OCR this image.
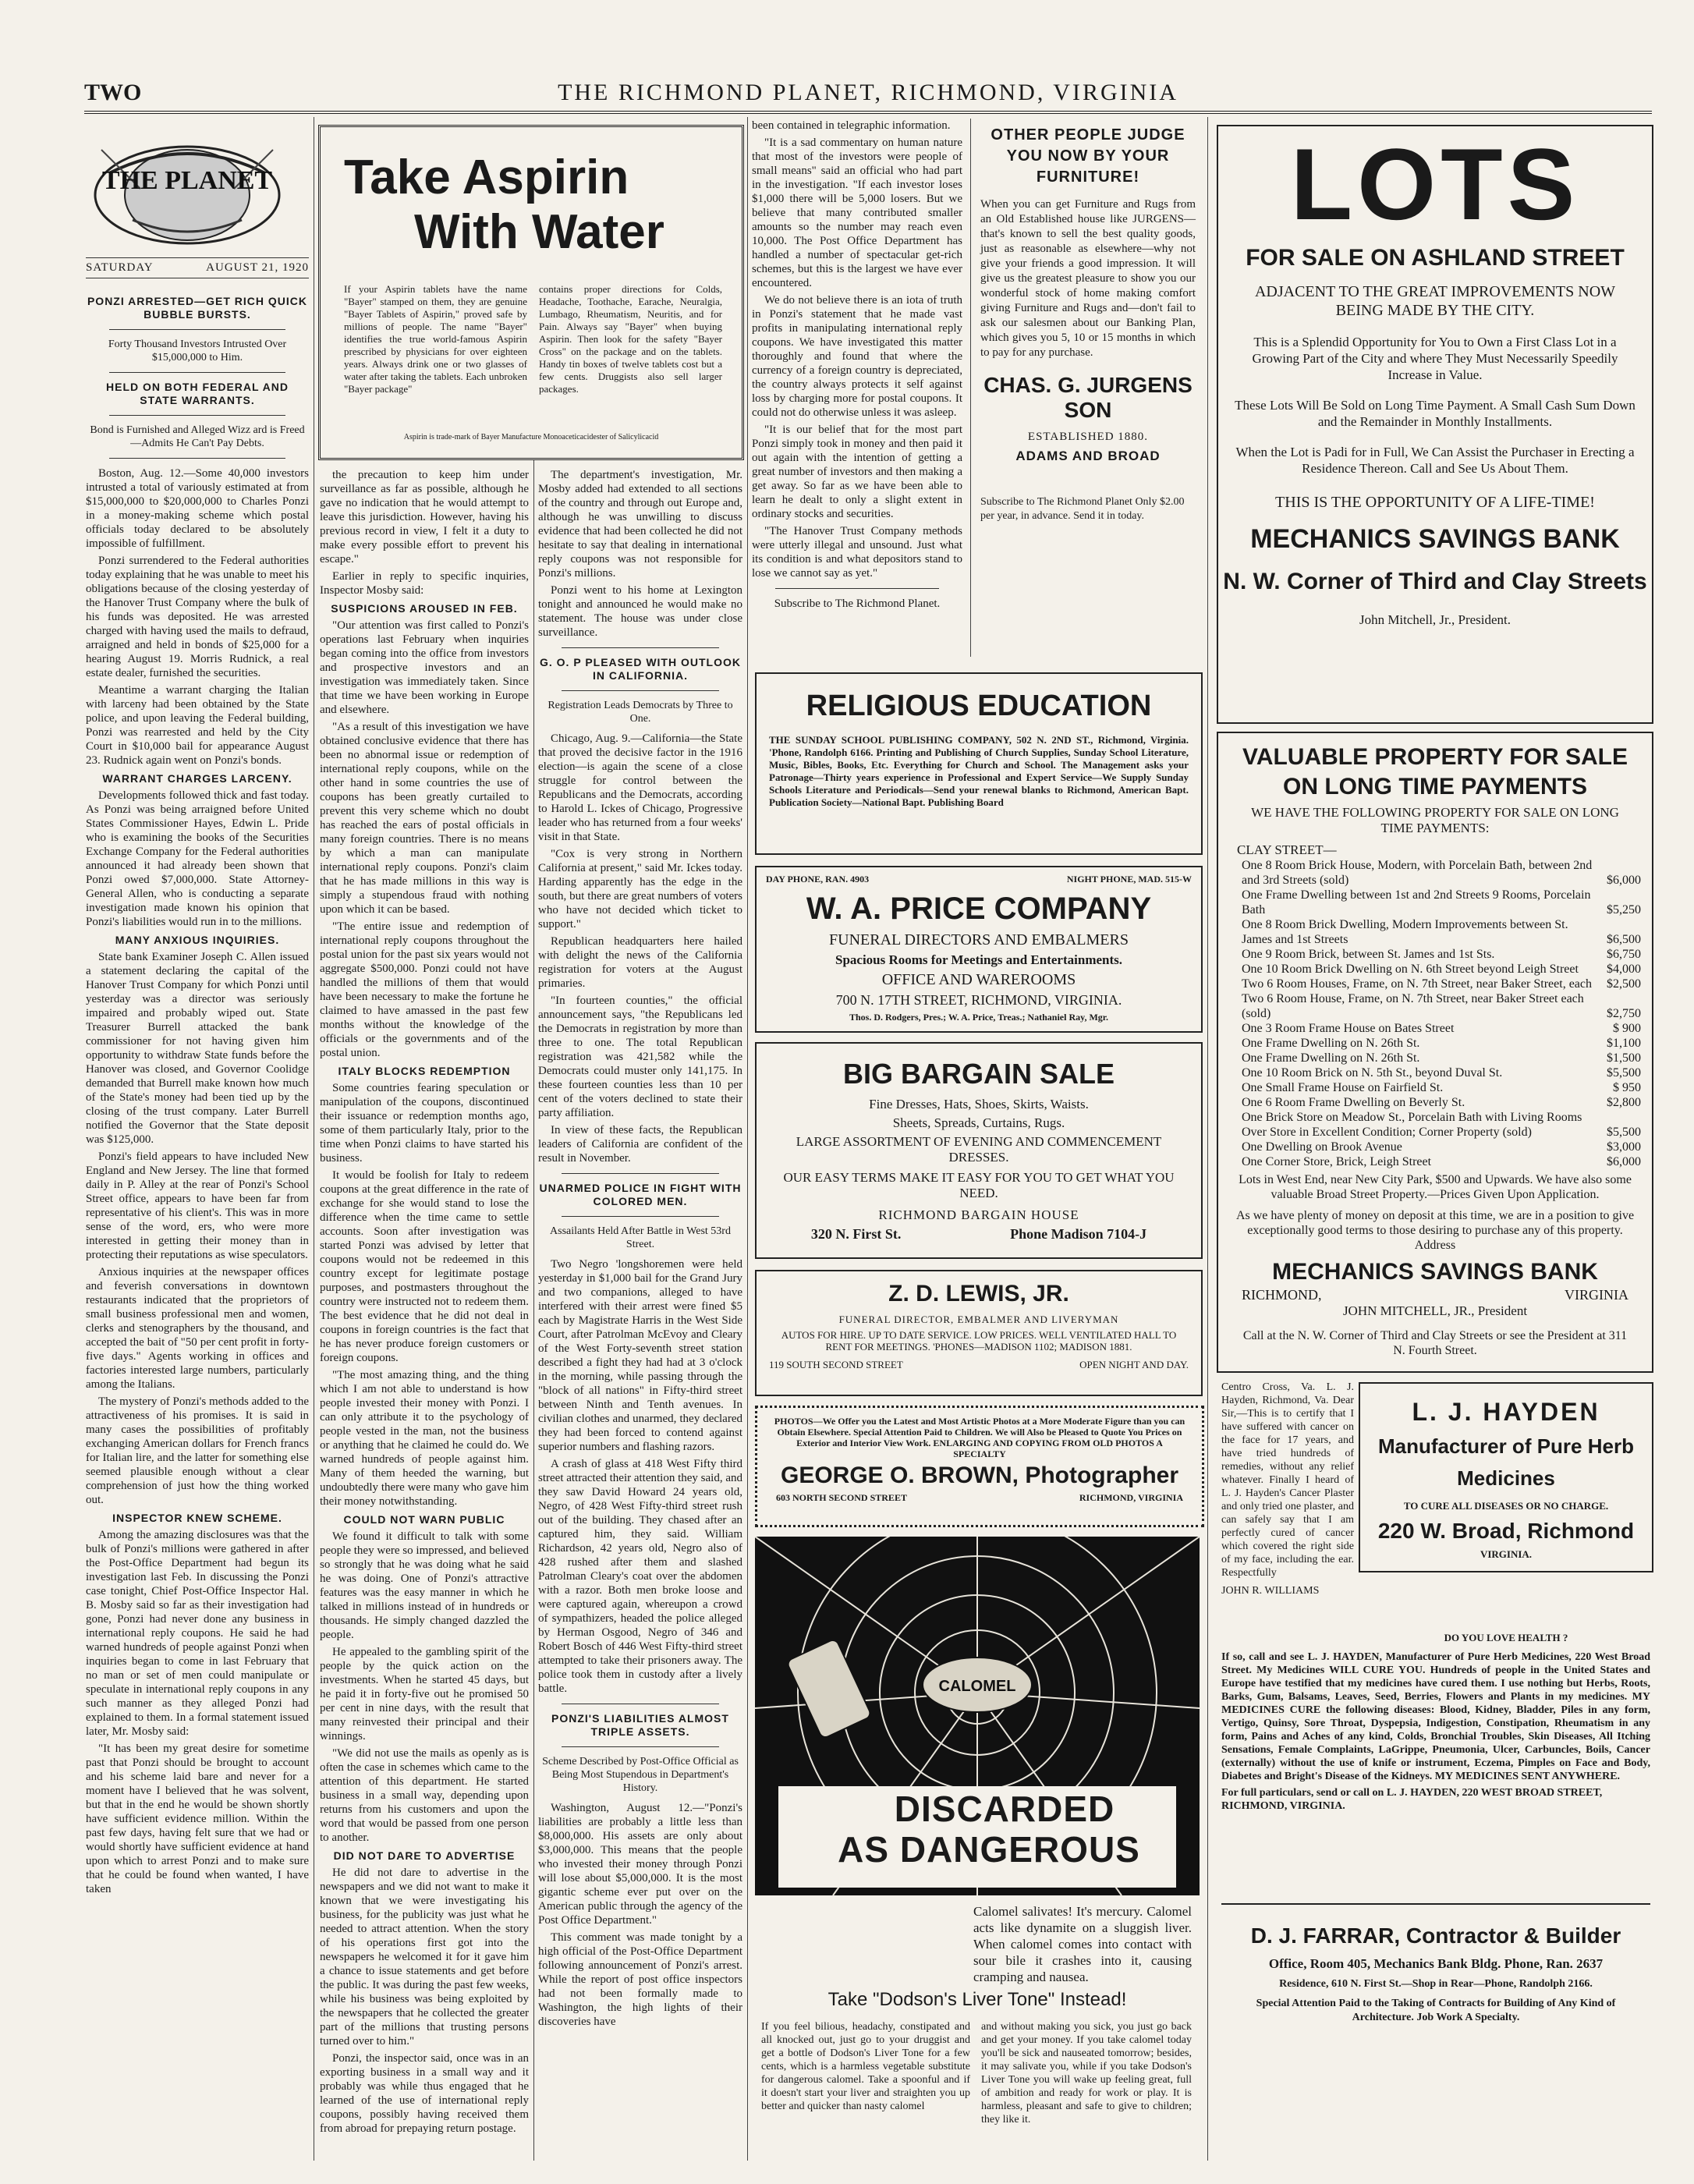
TWO	THE RICHMOND PLANET, RICHMOND, VIRGINIA
THE PLANET
SATURDAY	AUGUST 21, 1920
PONZI ARRESTED—GET RICH QUICK BUBBLE BURSTS.
Forty Thousand Investors Intrusted Over $15,000,000 to Him.
HELD ON BOTH FEDERAL AND STATE WARRANTS.
Bond is Furnished and Alleged Wizz ard is Freed—Admits He Can't Pay Debts.

Boston, Aug. 12.—Some 40,000 investors intrusted a total of variously estimated at from $15,000,000 to $20,000,000 to Charles Ponzi in a money-making scheme which postal officials today declared to be absolutely impossible of fulfillment.

Ponzi surrendered to the Federal authorities today explaining that he was unable to meet his obligations because of the closing yesterday of the Hanover Trust Company where the bulk of his funds was deposited. He was arrested charged with having used the mails to defraud, arraigned and held in bonds of $25,000 for a hearing August 19. Morris Rudnick, a real estate dealer, furnished the securities.

Meantime a warrant charging the Italian with larceny had been obtained by the State police, and upon leaving the Federal building, Ponzi was rearrested and held by the City Court in $10,000 bail for appearance August 23. Rudnick again went on Ponzi's bonds.

WARRANT CHARGES LARCENY.

Developments followed thick and fast today. As Ponzi was being arraigned before United States Commissioner Hayes, Edwin L. Pride who is examining the books of the Securities Exchange Company for the Federal authorities announced it had already been shown that Ponzi owed $7,000,000. State Attorney-General Allen, who is conducting a separate investigation made known his opinion that Ponzi's liabilities would run in to the millions.

MANY ANXIOUS INQUIRIES.

State bank Examiner Joseph C. Allen issued a statement declaring the capital of the Hanover Trust Company for which Ponzi until yesterday was a director was seriously impaired and probably wiped out. State Treasurer Burrell attacked the bank commissioner for not having given him opportunity to withdraw State funds before the Hanover was closed, and Governor Coolidge demanded that Burrell make known how much of the State's money had been tied up by the closing of the trust company. Later Burrell notified the Governor that the State deposit was $125,000.

Ponzi's field appears to have included New England and New Jersey. The line that formed daily in P. Alley at the rear of Ponzi's School Street office, appears to have been far from representative of his client's. This was in more sense of the word, ers, who were more interested in getting their money than in protecting their reputations as wise speculators.

Anxious inquiries at the newspaper offices and feverish conversations in downtown restaurants indicated that the proprietors of small business professional men and women, clerks and stenographers by the thousand, and accepted the bait of "50 per cent profit in forty-five days." Agents working in offices and factories interested large numbers, particularly among the Italians.

The mystery of Ponzi's methods added to the attractiveness of his promises. It is said in many cases the possibilities of profitably exchanging American dollars for French francs for Italian lire, and the latter for something else seemed plausible enough without a clear comprehension of just how the thing worked out.

INSPECTOR KNEW SCHEME.

Among the amazing disclosures was that the bulk of Ponzi's millions were gathered in after the Post-Office Department had begun its investigation last Feb. In discussing the Ponzi case tonight, Chief Post-Office Inspector Hal. B. Mosby said so far as their investigation had gone, Ponzi had never done any business in international reply coupons. He said he had warned hundreds of people against Ponzi when inquiries began to come in last February that no man or set of men could manipulate or speculate in international reply coupons in any such manner as they alleged Ponzi had explained to them. In a formal statement issued later, Mr. Mosby said:

"It has been my great desire for sometime past that Ponzi should be brought to account and his scheme laid bare and never for a moment have I believed that he was solvent, but that in the end he would be shown shortly have sufficient evidence million. Within the past few days, having felt sure that we had or would shortly have sufficient evidence at hand upon which to arrest Ponzi and to make sure that he could be found when wanted, I have taken

Take Aspirin
With Water
If your Aspirin tablets have the name "Bayer" stamped on them, they are genuine "Bayer Tablets of Aspirin," proved safe by millions of people. The name "Bayer" identifies the true world-famous Aspirin prescribed by physicians for over eighteen years. Always drink one or two glasses of water after taking the tablets. Each unbroken "Bayer package"
contains proper directions for Colds, Headache, Toothache, Earache, Neuralgia, Lumbago, Rheumatism, Neuritis, and for Pain. Always say "Bayer" when buying Aspirin. Then look for the safety "Bayer Cross" on the package and on the tablets. Handy tin boxes of twelve tablets cost but a few cents. Druggists also sell larger packages.
Aspirin is trade-mark of Bayer Manufacture Monoaceticacidester of Salicylicacid

the precaution to keep him under surveillance as far as possible, although he gave no indication that he would attempt to leave this jurisdiction. However, having his previous record in view, I felt it a duty to make every possible effort to prevent his escape."

Earlier in reply to specific inquiries, Inspector Mosby said:

SUSPICIONS AROUSED IN FEB.

"Our attention was first called to Ponzi's operations last February when inquiries began coming into the office from investors and prospective investors and an investigation was immediately taken. Since that time we have been working in Europe and elsewhere.

"As a result of this investigation we have obtained conclusive evidence that there has been no abnormal issue or redemption of international reply coupons, while on the other hand in some countries the use of coupons has been greatly curtailed to prevent this very scheme which no doubt has reached the ears of postal officials in many foreign countries. There is no means by which a man can manipulate international reply coupons. Ponzi's claim that he has made millions in this way is simply a stupendous fraud with nothing upon which it can be based.

"The entire issue and redemption of international reply coupons throughout the postal union for the past six years would not aggregate $500,000. Ponzi could not have handled the millions of them that would have been necessary to make the fortune he claimed to have amassed in the past few months without the knowledge of the officials or the governments and of the postal union.

ITALY BLOCKS REDEMPTION

Some countries fearing speculation or manipulation of the coupons, discontinued their issuance or redemption months ago, some of them particularly Italy, prior to the time when Ponzi claims to have started his business.

It would be foolish for Italy to redeem coupons at the great difference in the rate of exchange for she would stand to lose the difference when the time came to settle accounts. Soon after investigation was started Ponzi was advised by letter that coupons would not be redeemed in this country except for legitimate postage purposes, and postmasters throughout the country were instructed not to redeem them. The best evidence that he did not deal in coupons in foreign countries is the fact that he has never produce foreign customers or foreign coupons.

"The most amazing thing, and the thing which I am not able to understand is how people invested their money with Ponzi. I can only attribute it to the psychology of people vested in the man, not the business or anything that he claimed he could do. We warned hundreds of people against him. Many of them heeded the warning, but undoubtedly there were many who gave him their money notwithstanding.

COULD NOT WARN PUBLIC

We found it difficult to talk with some people they were so impressed, and believed so strongly that he was doing what he said he was doing. One of Ponzi's attractive features was the easy manner in which he talked in millions instead of in hundreds or thousands. He simply changed dazzled the people.

He appealed to the gambling spirit of the people by the quick action on the investments. When he started 45 days, but he paid it in forty-five out he promised 50 per cent in nine days, with the result that many reinvested their principal and their winnings.

"We did not use the mails as openly as is often the case in schemes which came to the attention of this department. He started business in a small way, depending upon returns from his customers and upon the word that would be passed from one person to another.

DID NOT DARE TO ADVERTISE

He did not dare to advertise in the newspapers and we did not want to make it known that we were investigating his business, for the publicity was just what he needed to attract attention. When the story of his operations first got into the newspapers he welcomed it for it gave him a chance to issue statements and get before the public. It was during the past few weeks, while his business was being exploited by the newspapers that he collected the greater part of the millions that trusting persons turned over to him."

Ponzi, the inspector said, once was in an exporting business in a small way and it probably was while thus engaged that he learned of the use of international reply coupons, possibly having received them from abroad for prepaying return postage.

The department's investigation, Mr. Mosby added had extended to all sections of the country and through out Europe and, although he was unwilling to discuss evidence that had been collected he did not hesitate to say that dealing in international reply coupons was not responsible for Ponzi's millions.

Ponzi went to his home at Lexington tonight and announced he would make no statement. The house was under close surveillance.

G. O. P PLEASED WITH OUTLOOK IN CALIFORNIA.
Registration Leads Democrats by Three to One.

Chicago, Aug. 9.—California—the State that proved the decisive factor in the 1916 election—is again the scene of a close struggle for control between the Republicans and the Democrats, according to Harold L. Ickes of Chicago, Progressive leader who has returned from a four weeks' visit in that State.

"Cox is very strong in Northern California at present," said Mr. Ickes today. Harding apparently has the edge in the south, but there are great numbers of voters who have not decided which ticket to support."

Republican headquarters here hailed with delight the news of the California registration for voters at the August primaries.

"In fourteen counties," the official announcement says, "the Republicans led the Democrats in registration by more than three to one. The total Republican registration was 421,582 while the Democrats could muster only 141,175. In these fourteen counties less than 10 per cent of the voters declined to state their party affiliation.

In view of these facts, the Republican leaders of California are confident of the result in November.

UNARMED POLICE IN FIGHT WITH COLORED MEN.
Assailants Held After Battle in West 53rd Street.

Two Negro 'longshoremen were held yesterday in $1,000 bail for the Grand Jury and two companions, alleged to have interfered with their arrest were fined $5 each by Magistrate Harris in the West Side Court, after Patrolman McEvoy and Cleary of the West Forty-seventh street station described a fight they had had at 3 o'clock in the morning, while passing through the "block of all nations" in Fifty-third street between Ninth and Tenth avenues. In civilian clothes and unarmed, they declared they had been forced to contend against superior numbers and flashing razors.

A crash of glass at 418 West Fifty third street attracted their attention they said, and they saw David Howard 24 years old, Negro, of 428 West Fifty-third street rush out of the building. They chased after an captured him, they said. William Richardson, 42 years old, Negro also of 428 rushed after them and slashed Patrolman Cleary's coat over the abdomen with a razor. Both men broke loose and were captured again, whereupon a crowd of sympathizers, headed the police alleged by Herman Osgood, Negro of 346 and Robert Bosch of 446 West Fifty-third street attempted to take their prisoners away. The police took them in custody after a lively battle.

PONZI'S LIABILITIES ALMOST TRIPLE ASSETS.
Scheme Described by Post-Office Official as Being Most Stupendous in Department's History.

Washington, August 12.—"Ponzi's liabilities are probably a little less than $8,000,000. His assets are only about $3,000,000. This means that the people who invested their money through Ponzi will lose about $5,000,000. It is the most gigantic scheme ever put over on the American public through the agency of the Post Office Department."

This comment was made tonight by a high official of the Post-Office Department following announcement of Ponzi's arrest. While the report of post office inspectors had not been formally made to Washington, the high lights of their discoveries have

been contained in telegraphic information.

"It is a sad commentary on human nature that most of the investors were people of small means" said an official who had part in the investigation. "If each investor loses $1,000 there will be 5,000 losers. But we believe that many contributed smaller amounts so the number may reach even 10,000. The Post Office Department has handled a number of spectacular get-rich schemes, but this is the largest we have ever encountered.

We do not believe there is an iota of truth in Ponzi's statement that he made vast profits in manipulating international reply coupons. We have investigated this matter thoroughly and found that where the currency of a foreign country is depreciated, the country always protects it self against loss by charging more for postal coupons. It could not do otherwise unless it was asleep.

"It is our belief that for the most part Ponzi simply took in money and then paid it out again with the intention of getting a great number of investors and then making a get away. So far as we have been able to learn he dealt to only a slight extent in ordinary stocks and securities.

"The Hanover Trust Company methods were utterly illegal and unsound. Just what its condition is and what depositors stand to lose we cannot say as yet."

Subscribe to The Richmond Planet.
OTHER PEOPLE JUDGE
YOU NOW BY YOUR
FURNITURE!
When you can get Furniture and Rugs from an Old Established house like JURGENS—that's known to sell the best quality goods, just as reasonable as elsewhere—why not give your friends a good impression. It will give us the greatest pleasure to show you our wonderful stock of home making comfort giving Furniture and Rugs and—don't fail to ask our salesmen about our Banking Plan, which gives you 5, 10 or 15 months in which to pay for any purchase.
CHAS. G. JURGENS SON
ESTABLISHED 1880.
ADAMS AND BROAD
Subscribe to The Richmond Planet Only $2.00 per year, in advance. Send it in today.
RELIGIOUS EDUCATION
THE SUNDAY SCHOOL PUBLISHING COMPANY, 502 N. 2ND ST., Richmond, Virginia. 'Phone, Randolph 6166. Printing and Publishing of Church Supplies, Sunday School Literature, Music, Bibles, Books, Etc. Everything for Church and School. The Management asks your Patronage—Thirty years experience in Professional and Expert Service—We Supply Sunday Schools Literature and Periodicals—Send your renewal blanks to Richmond, American Bapt. Publication Society—National Bapt. Publishing Board
DAY PHONE, RAN. 4903	NIGHT PHONE, MAD. 515-W
W. A. PRICE COMPANY
FUNERAL DIRECTORS AND EMBALMERS
Spacious Rooms for Meetings and Entertainments.
OFFICE AND WAREROOMS
700 N. 17TH STREET, RICHMOND, VIRGINIA.
Thos. D. Rodgers, Pres.; W. A. Price, Treas.; Nathaniel Ray, Mgr.
BIG BARGAIN SALE
Fine Dresses, Hats, Shoes, Skirts, Waists.
Sheets, Spreads, Curtains, Rugs.
LARGE ASSORTMENT OF EVENING AND COMMENCEMENT DRESSES.
OUR EASY TERMS MAKE IT EASY FOR YOU TO GET WHAT YOU NEED.
RICHMOND BARGAIN HOUSE
320 N. First St.	Phone Madison 7104-J
Z. D. LEWIS, JR.
FUNERAL DIRECTOR, EMBALMER AND LIVERYMAN
AUTOS FOR HIRE. UP TO DATE SERVICE. LOW PRICES. WELL VENTILATED HALL TO RENT FOR MEETINGS. 'PHONES—MADISON 1102; MADISON 1881.
119 SOUTH SECOND STREET	OPEN NIGHT AND DAY.
PHOTOS—We Offer you the Latest and Most Artistic Photos at a More Moderate Figure than you can Obtain Elsewhere. Special Attention Paid to Children. We will Also be Pleased to Quote You Prices on Exterior and Interior View Work. ENLARGING AND COPYING FROM OLD PHOTOS A SPECIALTY
GEORGE O. BROWN, Photographer
603 NORTH SECOND STREET	RICHMOND, VIRGINIA
CALOMEL
DISCARDED
AS DANGEROUS
Calomel salivates! It's mercury. Calomel acts like dynamite on a sluggish liver. When calomel comes into contact with sour bile it crashes into it, causing cramping and nausea.
Take "Dodson's Liver Tone" Instead!
If you feel bilious, headachy, constipated and all knocked out, just go to your druggist and get a bottle of Dodson's Liver Tone for a few cents, which is a harmless vegetable substitute for dangerous calomel. Take a spoonful and if it doesn't start your liver and straighten you up better and quicker than nasty calomel
and without making you sick, you just go back and get your money. If you take calomel today you'll be sick and nauseated tomorrow; besides, it may salivate you, while if you take Dodson's Liver Tone you will wake up feeling great, full of ambition and ready for work or play. It is harmless, pleasant and safe to give to children; they like it.
LOTS
FOR SALE ON ASHLAND STREET
ADJACENT TO THE GREAT IMPROVEMENTS NOW BEING MADE BY THE CITY.
This is a Splendid Opportunity for You to Own a First Class Lot in a Growing Part of the City and where They Must Necessarily Speedily Increase in Value.
These Lots Will Be Sold on Long Time Payment. A Small Cash Sum Down and the Remainder in Monthly Installments.
When the Lot is Padi for in Full, We Can Assist the Purchaser in Erecting a Residence Thereon. Call and See Us About Them.
THIS IS THE OPPORTUNITY OF A LIFE-TIME!
MECHANICS SAVINGS BANK
N. W. Corner of Third and Clay Streets
John Mitchell, Jr., President.
VALUABLE PROPERTY FOR SALE
ON LONG TIME PAYMENTS
WE HAVE THE FOLLOWING PROPERTY FOR SALE ON LONG TIME PAYMENTS:
CLAY STREET—
One 8 Room Brick House, Modern, with Porcelain Bath, between 2nd and 3rd Streets (sold)	$6,000
One Frame Dwelling between 1st and 2nd Streets 9 Rooms, Porcelain Bath	$5,250
One 8 Room Brick Dwelling, Modern Improvements between St. James and 1st Streets	$6,500
One 9 Room Brick, between St. James and 1st Sts.	$6,750
One 10 Room Brick Dwelling on N. 6th Street beyond Leigh Street	$4,000
Two 6 Room Houses, Frame, on N. 7th Street, near Baker Street, each	$2,500
Two 6 Room House, Frame, on N. 7th Street, near Baker Street each (sold)	$2,750
One 3 Room Frame House on Bates Street	$ 900
One Frame Dwelling on N. 26th St.	$1,100
One Frame Dwelling on N. 26th St.	$1,500
One 10 Room Brick on N. 5th St., beyond Duval St.	$5,500
One Small Frame House on Fairfield St.	$ 950
One 6 Room Frame Dwelling on Beverly St.	$2,800
One Brick Store on Meadow St., Porcelain Bath with Living Rooms Over Store in Excellent Condition; Corner Property (sold)	$5,500
One Dwelling on Brook Avenue	$3,000
One Corner Store, Brick, Leigh Street	$6,000
Lots in West End, near New City Park, $500 and Upwards. We have also some valuable Broad Street Property.—Prices Given Upon Application.
As we have plenty of money on deposit at this time, we are in a position to give exceptionally good terms to those desiring to purchase any of this property. Address
MECHANICS SAVINGS BANK
RICHMOND,	VIRGINIA
JOHN MITCHELL, JR., President
Call at the N. W. Corner of Third and Clay Streets or see the President at 311 N. Fourth Street.
Centro Cross, Va. L. J. Hayden, Richmond, Va. Dear Sir,—This is to certify that I have suffered with cancer on the face for 17 years, and have tried hundreds of remedies, without any relief whatever. Finally I heard of L. J. Hayden's Cancer Plaster and only tried one plaster, and can safely say that I am perfectly cured of cancer which covered the right side of my face, including the ear. Respectfully
JOHN R. WILLIAMS
L. J. HAYDEN
Manufacturer of Pure Herb
Medicines
TO CURE ALL DISEASES OR NO CHARGE.
220 W. Broad, Richmond
VIRGINIA.
DO YOU LOVE HEALTH ?
If so, call and see L. J. HAYDEN, Manufacturer of Pure Herb Medicines, 220 West Broad Street. My Medicines WILL CURE YOU. Hundreds of people in the United States and Europe have testified that my medicines have cured them. I use nothing but Herbs, Roots, Barks, Gum, Balsams, Leaves, Seed, Berries, Flowers and Plants in my medicines. MY MEDICINES CURE the following diseases: Blood, Kidney, Bladder, Piles in any form, Vertigo, Quinsy, Sore Throat, Dyspepsia, Indigestion, Constipation, Rheumatism in any form, Pains and Aches of any kind, Colds, Bronchial Troubles, Skin Diseases, All Itching Sensations, Female Complaints, LaGrippe, Pneumonia, Ulcer, Carbuncles, Boils, Cancer (externally) without the use of knife or instrument, Eczema, Pimples on Face and Body, Diabetes and Bright's Disease of the Kidneys. MY MEDICINES SENT ANYWHERE.
For full particulars, send or call on L. J. HAYDEN, 220 WEST BROAD STREET, RICHMOND, VIRGINIA.
D. J. FARRAR, Contractor & Builder
Office, Room 405, Mechanics Bank Bldg. Phone, Ran. 2637
Residence, 610 N. First St.—Shop in Rear—Phone, Randolph 2166.
Special Attention Paid to the Taking of Contracts for Building of Any Kind of Architecture. Job Work A Specialty.
